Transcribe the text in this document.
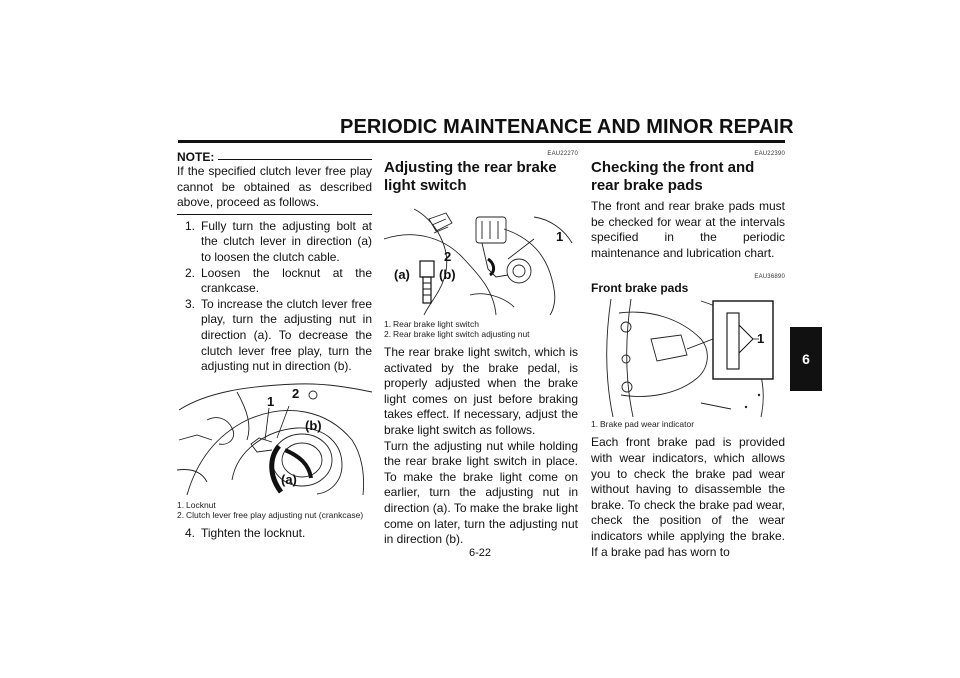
PERIODIC MAINTENANCE AND MINOR REPAIR
NOTE:

If the specified clutch lever free play cannot be obtained as described above, proceed as follows.

1. Fully turn the adjusting bolt at the clutch lever in direction (a) to loosen the clutch cable.
2. Loosen the locknut at the crankcase.
3. To increase the clutch lever free play, turn the adjusting nut in direction (a). To decrease the clutch lever free play, turn the adjusting nut in direction (b).
1
2
(b)
(a)
1. Locknut
2. Clutch lever free play adjusting nut (crankcase)
4. Tighten the locknut.
EAU22270
Adjusting the rear brake light switch
1
2
(a) (b)
1. Rear brake light switch
2. Rear brake light switch adjusting nut

The rear brake light switch, which is activated by the brake pedal, is properly adjusted when the brake light comes on just before braking takes effect. If necessary, adjust the brake light switch as follows.

Turn the adjusting nut while holding the rear brake light switch in place. To make the brake light come on earlier, turn the adjusting nut in direction (a). To make the brake light come on later, turn the adjusting nut in direction (b).

EAU22390
Checking the front and rear brake pads

The front and rear brake pads must be checked for wear at the intervals specified in the periodic maintenance and lubrication chart.

EAU36890
Front brake pads
1
1. Brake pad wear indicator

Each front brake pad is provided with wear indicators, which allows you to check the brake pad wear without having to disassemble the brake. To check the brake pad wear, check the position of the wear indicators while applying the brake. If a brake pad has worn to

6-22
6
